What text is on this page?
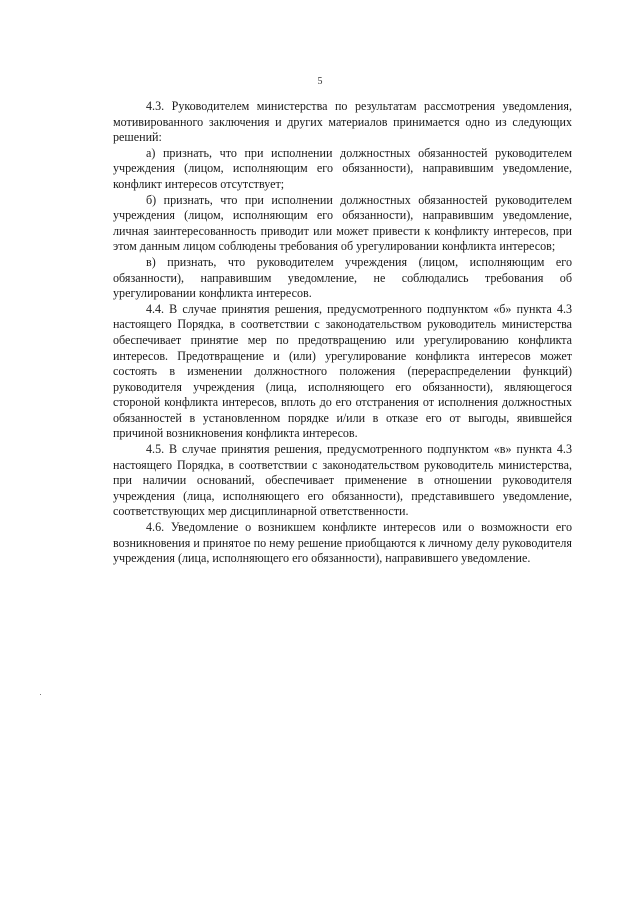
5

4.3. Руководителем министерства по результатам рассмотрения уведомления, мотивированного заключения и других материалов принимается одно из следующих решений:

а) признать, что при исполнении должностных обязанностей руководителем учреждения (лицом, исполняющим его обязанности), направившим уведомление, конфликт интересов отсутствует;

б) признать, что при исполнении должностных обязанностей руководителем учреждения (лицом, исполняющим его обязанности), направившим уведомление, личная заинтересованность приводит или может привести к конфликту интересов, при этом данным лицом соблюдены требования об урегулировании конфликта интересов;

в) признать, что руководителем учреждения (лицом, исполняющим его обязанности), направившим уведомление, не соблюдались требования об урегулировании конфликта интересов.

4.4. В случае принятия решения, предусмотренного подпунктом «б» пункта 4.3 настоящего Порядка, в соответствии с законодательством руководитель министерства обеспечивает принятие мер по предотвращению или урегулированию конфликта интересов. Предотвращение и (или) урегулирование конфликта интересов может состоять в изменении должностного положения (перераспределении функций) руководителя учреждения (лица, исполняющего его обязанности), являющегося стороной конфликта интересов, вплоть до его отстранения от исполнения должностных обязанностей в установленном порядке и/или в отказе его от выгоды, явившейся причиной возникновения конфликта интересов.

4.5. В случае принятия решения, предусмотренного подпунктом «в» пункта 4.3 настоящего Порядка, в соответствии с законодательством руководитель министерства, при наличии оснований, обеспечивает применение в отношении руководителя учреждения (лица, исполняющего его обязанности), представившего уведомление, соответствующих мер дисциплинарной ответственности.

4.6. Уведомление о возникшем конфликте интересов или о возможности его возникновения и принятое по нему решение приобщаются к личному делу руководителя учреждения (лица, исполняющего его обязанности), направившего уведомление.
